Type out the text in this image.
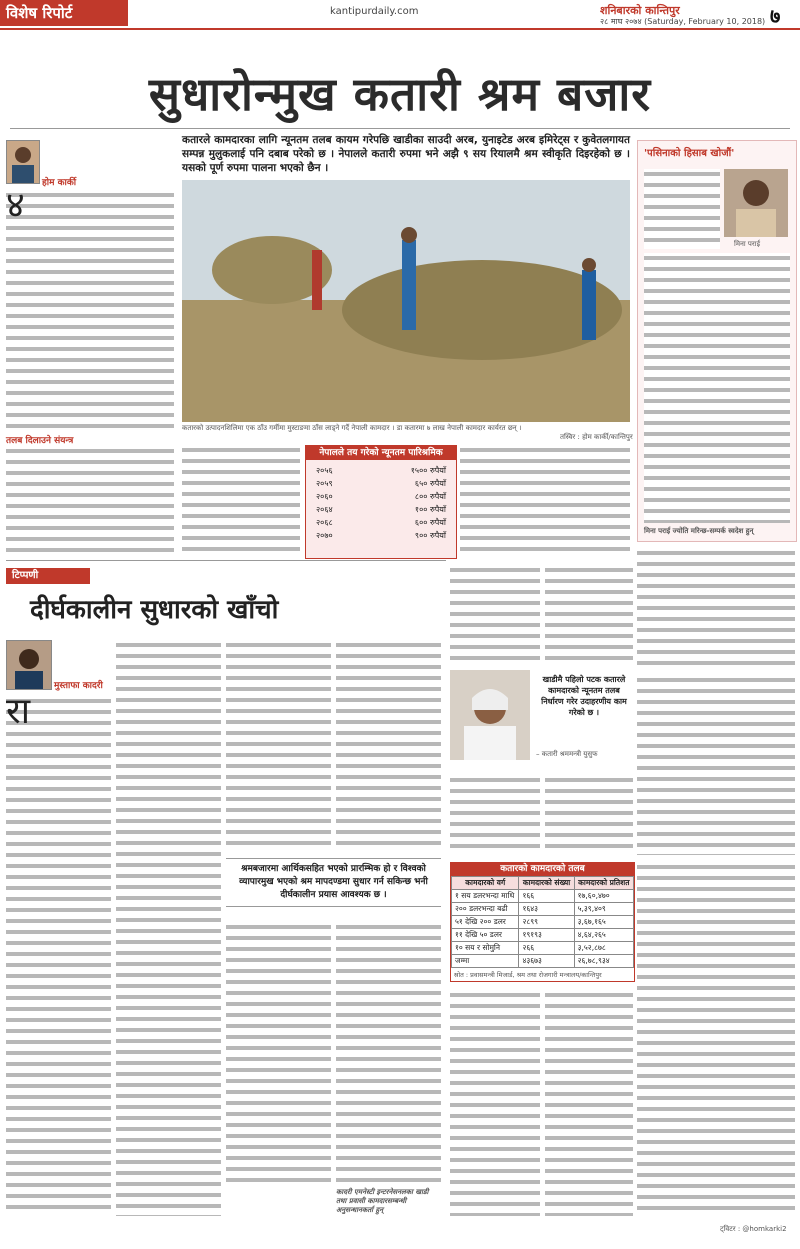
विशेष रिपोर्ट	kantipurdaily.com	शनिबारको कान्तिपुर
२८ माघ २०७४ (Saturday, February 10, 2018) ७
सुधारोन्मुख कतारी श्रम बजार
कतारले कामदारका लागि न्यूनतम तलब कायम गरेपछि खाडीका साउदी अरब, युनाइटेड अरब इमिरेट्स र कुवेतलगायत सम्पन्न मुलुकलाई पनि दबाब परेको छ । नेपालले कतारी रुपमा भने अझै ९ सय रियालमै श्रम स्वीकृति दिइरहेको छ । यसको पूर्ण रुपमा पालना भएको छैन ।
होम कार्की
४
तलब दिलाउने संयन्त्र
कतारको उत्पादनशिलिमा एक ठाँउ गर्मीमा मुस्टाङमा ठाँस लाड्‌ने गर्दै नेपाली कामदार । डा कतारमा ७ लाख नेपाली कामदार कार्यरत छन् ।
तस्विर : होम कार्की/कान्तिपुर
नेपालले तय गरेको न्यूनतम पारिश्रमिक
२०५६	१५०० रुपैयाँ
२०५९	६५० रुपैयाँ
२०६०	८०० रुपैयाँ
२०६४	१०० रुपैयाँ
२०६८	६०० रुपैयाँ
२०७०	९०० रुपैयाँ
'पसिनाको हिसाब खोजौं'
मिना पराई
मिना पराई ज्योति मरिन्छ-सम्पर्क स्वदेश हुन्
टिप्पणी
दीर्घकालीन सुधारको खाँचो
मुस्ताफा कादरी
रा
श्रमबजारमा आर्थिकसहित भएको प्रारम्भिक हो र विश्वको व्यापारमुख भएको श्रम मापदण्डमा सुधार गर्न सकिन्छ भनी दीर्घकालीन प्रयास आवश्यक छ ।
कादरी एमनेस्टी इन्टरनेसनलका खाडी तथा प्रवासी कामदारसम्बन्धी अनुसन्धानकर्ता हुन्
खाडीमै पहिलो पटक कतारले कामदारको न्यूनतम तलब निर्धारण गरेर उदाहरणीय काम गरेको छ ।
– कतारी श्रममन्त्री युसुफ
कतारको कामदारको तलब
कामदारको वर्ग	कामदारको संख्या	कामदारको प्रतिशत
१ सय डलरभन्दा माथि	१६६	१७,६०,४७०
२०० डलरभन्दा बढी	१६४३	५,३९,४०९
५१ देखि २०० डलर	२८९९	३,६७,१६५
११ देखि ५० डलर	१९१९३	४,६४,२६५
१० सय र सोमुनि	२६६	३,५२,८७८
जम्मा	४३६७३	२६,७८,९३४
स्रोत : प्रवासमन्त्री मिजार्ड, श्रम तथा रोजगारी मन्त्रालय/कान्तिपुर
ट्विटर : @homkarki2
